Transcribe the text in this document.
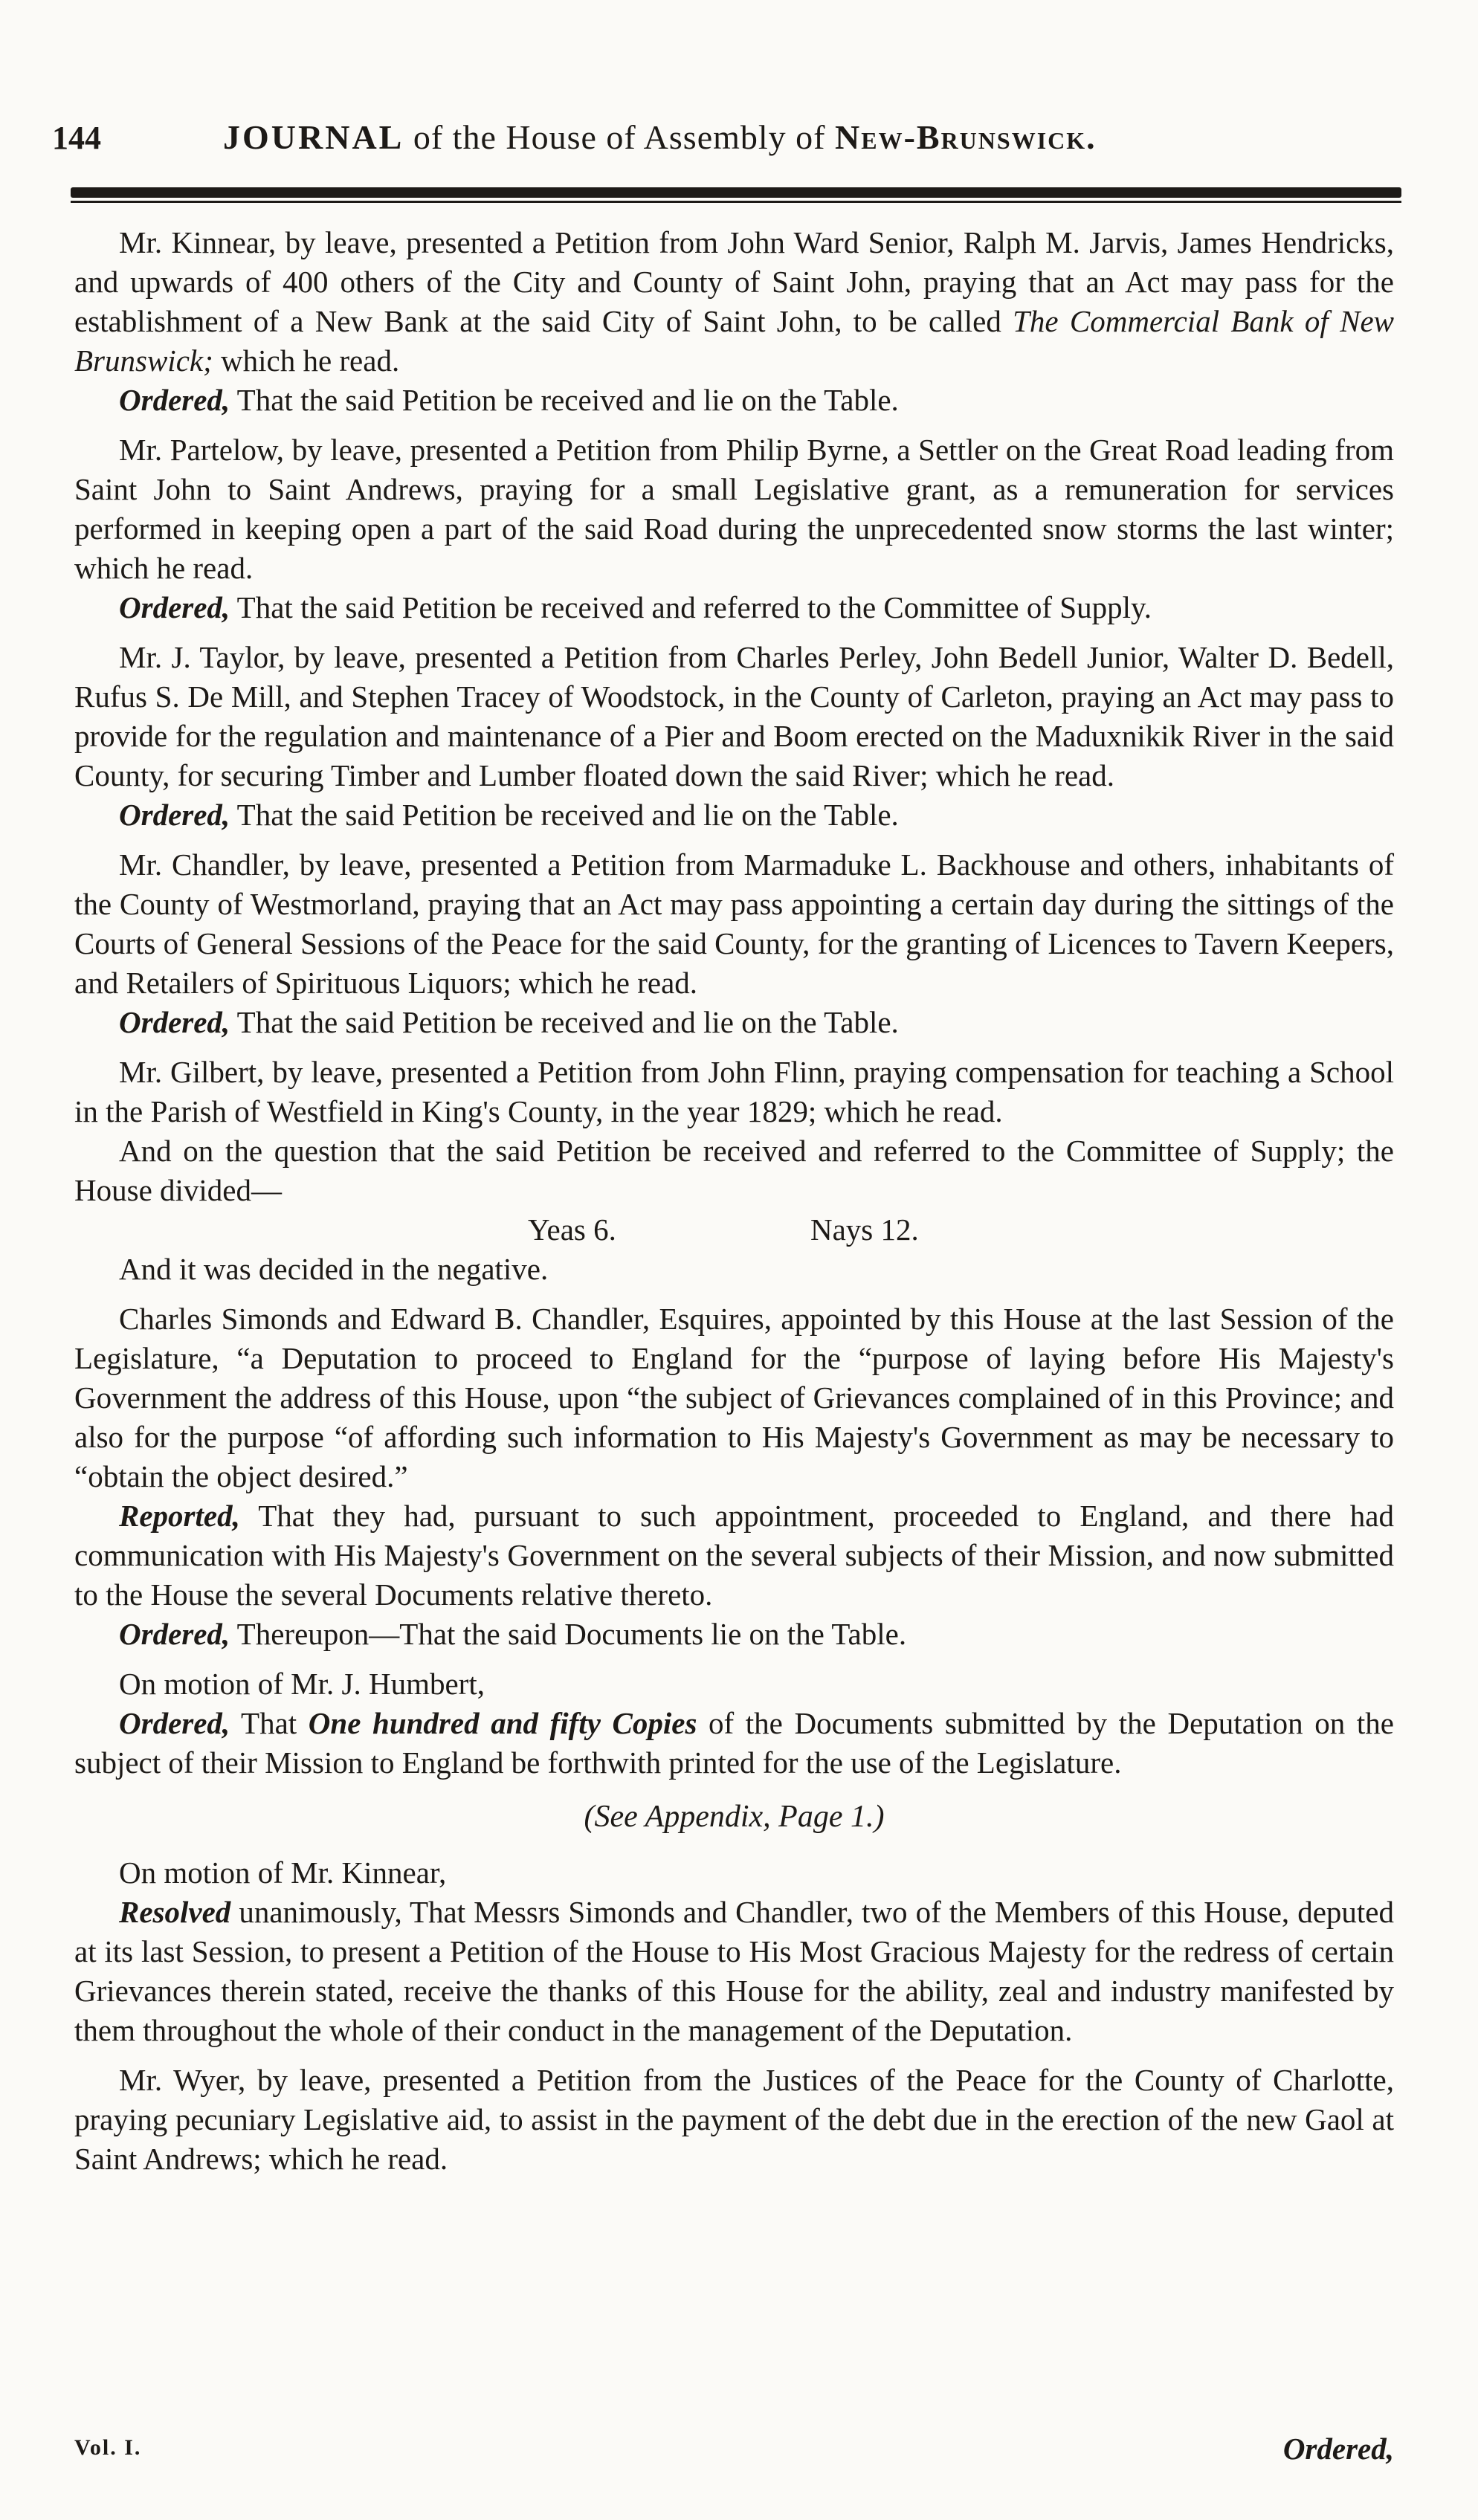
144	JOURNAL of the House of Assembly of New-Brunswick.

Mr. Kinnear, by leave, presented a Petition from John Ward Senior, Ralph M. Jarvis, James Hendricks, and upwards of 400 others of the City and County of Saint John, praying that an Act may pass for the establishment of a New Bank at the said City of Saint John, to be called The Commercial Bank of New Brunswick; which he read.

Ordered, That the said Petition be received and lie on the Table.

Mr. Partelow, by leave, presented a Petition from Philip Byrne, a Settler on the Great Road leading from Saint John to Saint Andrews, praying for a small Legislative grant, as a remuneration for services performed in keeping open a part of the said Road during the unprecedented snow storms the last winter; which he read.

Ordered, That the said Petition be received and referred to the Committee of Supply.

Mr. J. Taylor, by leave, presented a Petition from Charles Perley, John Bedell Junior, Walter D. Bedell, Rufus S. De Mill, and Stephen Tracey of Woodstock, in the County of Carleton, praying an Act may pass to provide for the regulation and maintenance of a Pier and Boom erected on the Maduxnikik River in the said County, for securing Timber and Lumber floated down the said River; which he read.

Ordered, That the said Petition be received and lie on the Table.

Mr. Chandler, by leave, presented a Petition from Marmaduke L. Backhouse and others, inhabitants of the County of Westmorland, praying that an Act may pass appointing a certain day during the sittings of the Courts of General Sessions of the Peace for the said County, for the granting of Licences to Tavern Keepers, and Retailers of Spirituous Liquors; which he read.

Ordered, That the said Petition be received and lie on the Table.

Mr. Gilbert, by leave, presented a Petition from John Flinn, praying compensation for teaching a School in the Parish of Westfield in King's County, in the year 1829; which he read.

And on the question that the said Petition be received and referred to the Committee of Supply; the House divided—

Yeas 6.	Nays 12.

And it was decided in the negative.

Charles Simonds and Edward B. Chandler, Esquires, appointed by this House at the last Session of the Legislature, “a Deputation to proceed to England for the “purpose of laying before His Majesty's Government the address of this House, upon “the subject of Grievances complained of in this Province; and also for the purpose “of affording such information to His Majesty's Government as may be necessary to “obtain the object desired.”

Reported, That they had, pursuant to such appointment, proceeded to England, and there had communication with His Majesty's Government on the several subjects of their Mission, and now submitted to the House the several Documents relative thereto.

Ordered, Thereupon—That the said Documents lie on the Table.

On motion of Mr. J. Humbert,

Ordered, That One hundred and fifty Copies of the Documents submitted by the Deputation on the subject of their Mission to England be forthwith printed for the use of the Legislature.

(See Appendix, Page 1.)

On motion of Mr. Kinnear,

Resolved unanimously, That Messrs Simonds and Chandler, two of the Members of this House, deputed at its last Session, to present a Petition of the House to His Most Gracious Majesty for the redress of certain Grievances therein stated, receive the thanks of this House for the ability, zeal and industry manifested by them throughout the whole of their conduct in the management of the Deputation.

Mr. Wyer, by leave, presented a Petition from the Justices of the Peace for the County of Charlotte, praying pecuniary Legislative aid, to assist in the payment of the debt due in the erection of the new Gaol at Saint Andrews; which he read.

Vol. I.	Ordered,
